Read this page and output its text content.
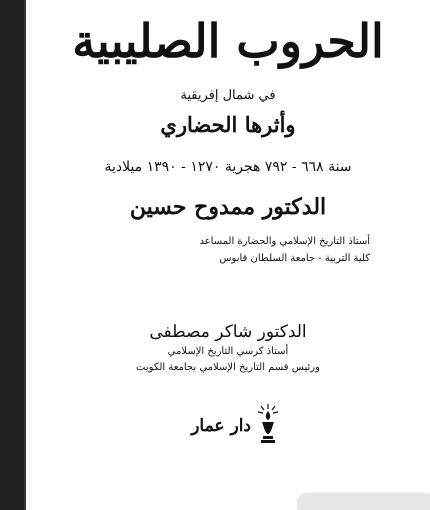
الحروب الصليبية
في شمال إفريقية
وأثرها الحضاري
سنة ٦٦٨ - ٧٩٢ هجرية ١٢٧٠ - ١٣٩٠ ميلادية
الدكتور ممدوح حسين
أستاذ التاريخ الإسلامي والحضارة المساعد
كلية التربية - جامعة السلطان قابوس
الدكتور شاكر مصطفى
أستاذ كرسي التاريخ الإسلامي
ورئيس قسم التاريخ الإسلامي بجامعة الكويت
دار عمار
